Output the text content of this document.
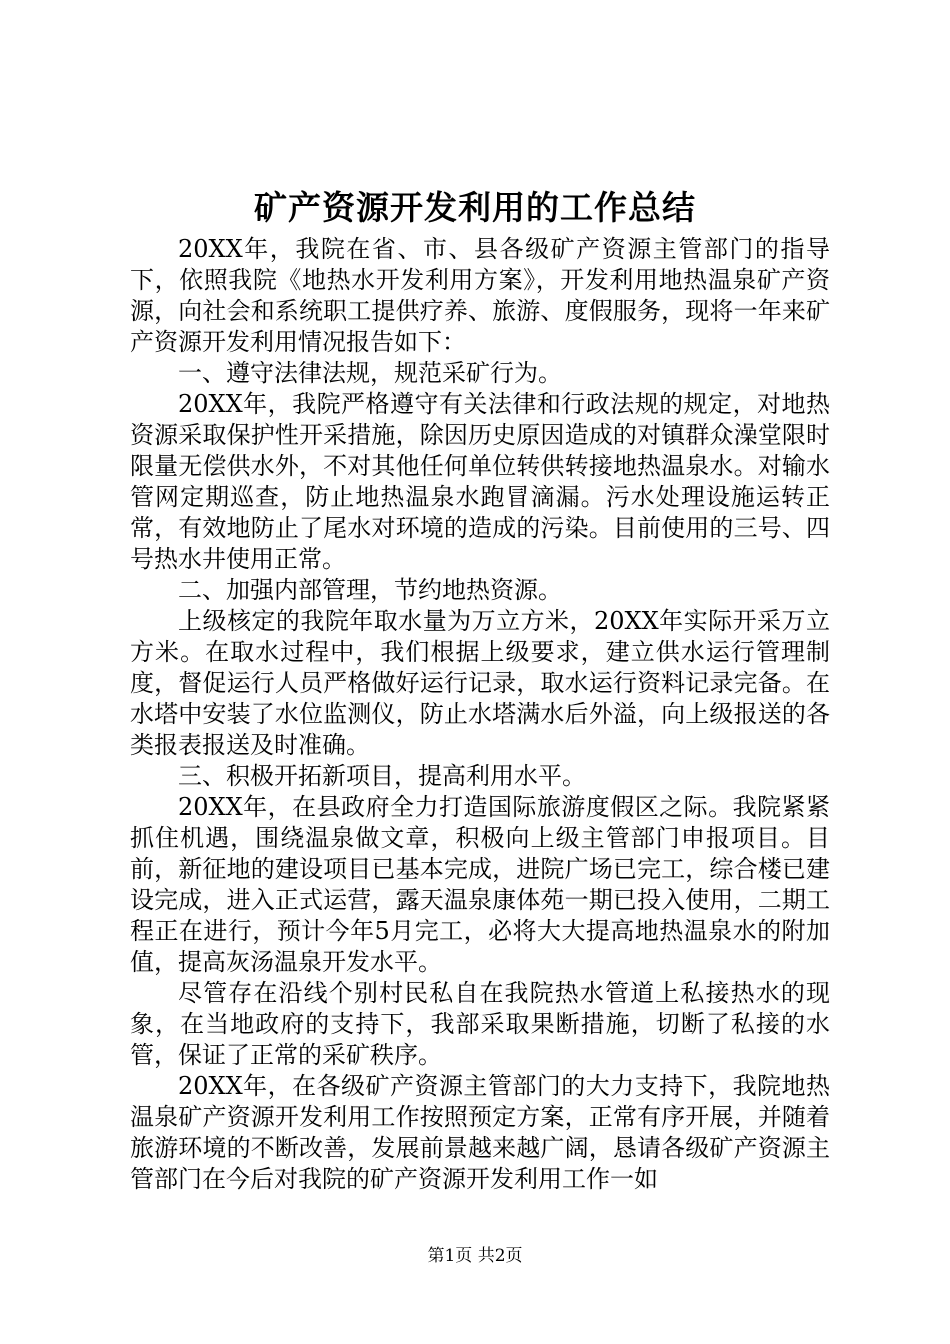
矿产资源开发利用的工作总结

20XX年，我院在省、市、县各级矿产资源主管部门的指导下，依照我院《地热水开发利用方案》，开发利用地热温泉矿产资源，向社会和系统职工提供疗养、旅游、度假服务，现将一年来矿产资源开发利用情况报告如下：

一、遵守法律法规，规范采矿行为。

20XX年，我院严格遵守有关法律和行政法规的规定，对地热资源采取保护性开采措施，除因历史原因造成的对镇群众澡堂限时限量无偿供水外，不对其他任何单位转供转接地热温泉水。对输水管网定期巡查，防止地热温泉水跑冒滴漏。污水处理设施运转正常，有效地防止了尾水对环境的造成的污染。目前使用的三号、四号热水井使用正常。

二、加强内部管理，节约地热资源。

上级核定的我院年取水量为万立方米，20XX年实际开采万立方米。在取水过程中，我们根据上级要求，建立供水运行管理制度，督促运行人员严格做好运行记录，取水运行资料记录完备。在水塔中安装了水位监测仪，防止水塔满水后外溢，向上级报送的各类报表报送及时准确。

三、积极开拓新项目，提高利用水平。

20XX年，在县政府全力打造国际旅游度假区之际。我院紧紧抓住机遇，围绕温泉做文章，积极向上级主管部门申报项目。目前，新征地的建设项目已基本完成，进院广场已完工，综合楼已建设完成，进入正式运营，露天温泉康体苑一期已投入使用，二期工程正在进行，预计今年5月完工，必将大大提高地热温泉水的附加值，提高灰汤温泉开发水平。

尽管存在沿线个别村民私自在我院热水管道上私接热水的现象，在当地政府的支持下，我部采取果断措施，切断了私接的水管，保证了正常的采矿秩序。

20XX年，在各级矿产资源主管部门的大力支持下，我院地热温泉矿产资源开发利用工作按照预定方案，正常有序开展，并随着旅游环境的不断改善，发展前景越来越广阔，恳请各级矿产资源主管部门在今后对我院的矿产资源开发利用工作一如

第1页 共2页
